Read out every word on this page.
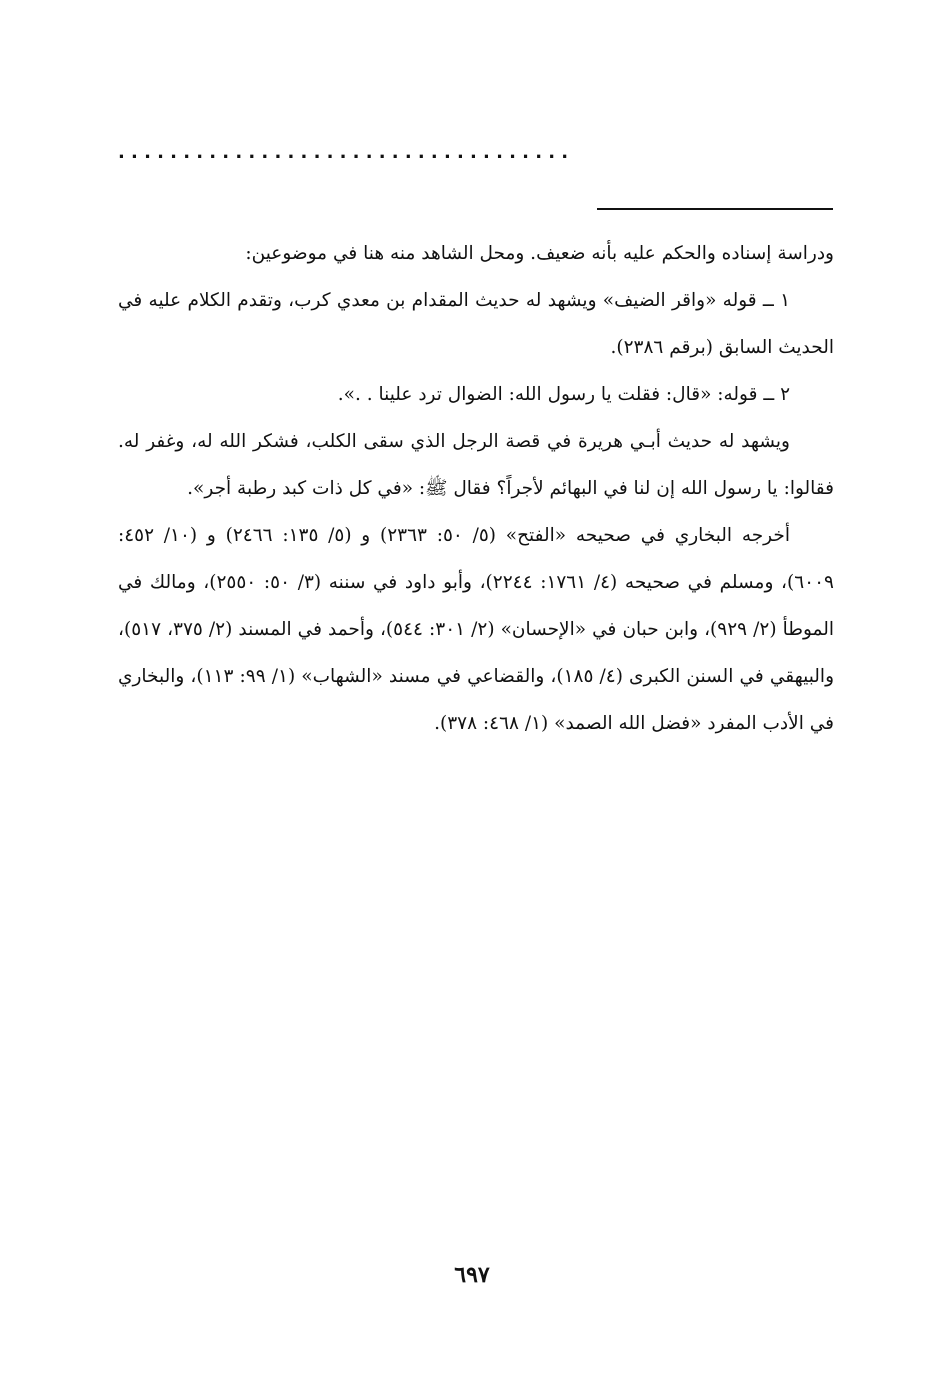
...................................

ودراسة إسناده والحكم عليه بأنه ضعيف. ومحل الشاهد منه هنا في موضوعين:

١ ــ قوله «واقر الضيف» ويشهد له حديث المقدام بن معدي كرب، وتقدم الكلام عليه في الحديث السابق (برقم ٢٣٨٦).

٢ ــ قوله: «قال: فقلت يا رسول الله: الضوال ترد علينا . .».

ويشهد له حديث أبـي هريرة في قصة الرجل الذي سقى الكلب، فشكر الله له، وغفر له. فقالوا: يا رسول الله إن لنا في البهائم لأجراً؟ فقال ﷺ: «في كل ذات كبد رطبة أجر».

أخرجه البخاري في صحيحه «الفتح» (٥/ ٥٠: ٢٣٦٣) و (٥/ ١٣٥: ٢٤٦٦) و (١٠/ ٤٥٢: ٦٠٠٩)، ومسلم في صحيحه (٤/ ١٧٦١: ٢٢٤٤)، وأبو داود في سننه (٣/ ٥٠: ٢٥٥٠)، ومالك في الموطأ (٢/ ٩٢٩)، وابن حبان في «الإحسان» (٢/ ٣٠١: ٥٤٤)، وأحمد في المسند (٢/ ٣٧٥، ٥١٧)، والبيهقي في السنن الكبرى (٤/ ١٨٥)، والقضاعي في مسند «الشهاب» (١/ ٩٩: ١١٣)، والبخاري في الأدب المفرد «فضل الله الصمد» (١/ ٤٦٨: ٣٧٨).

٦٩٧
